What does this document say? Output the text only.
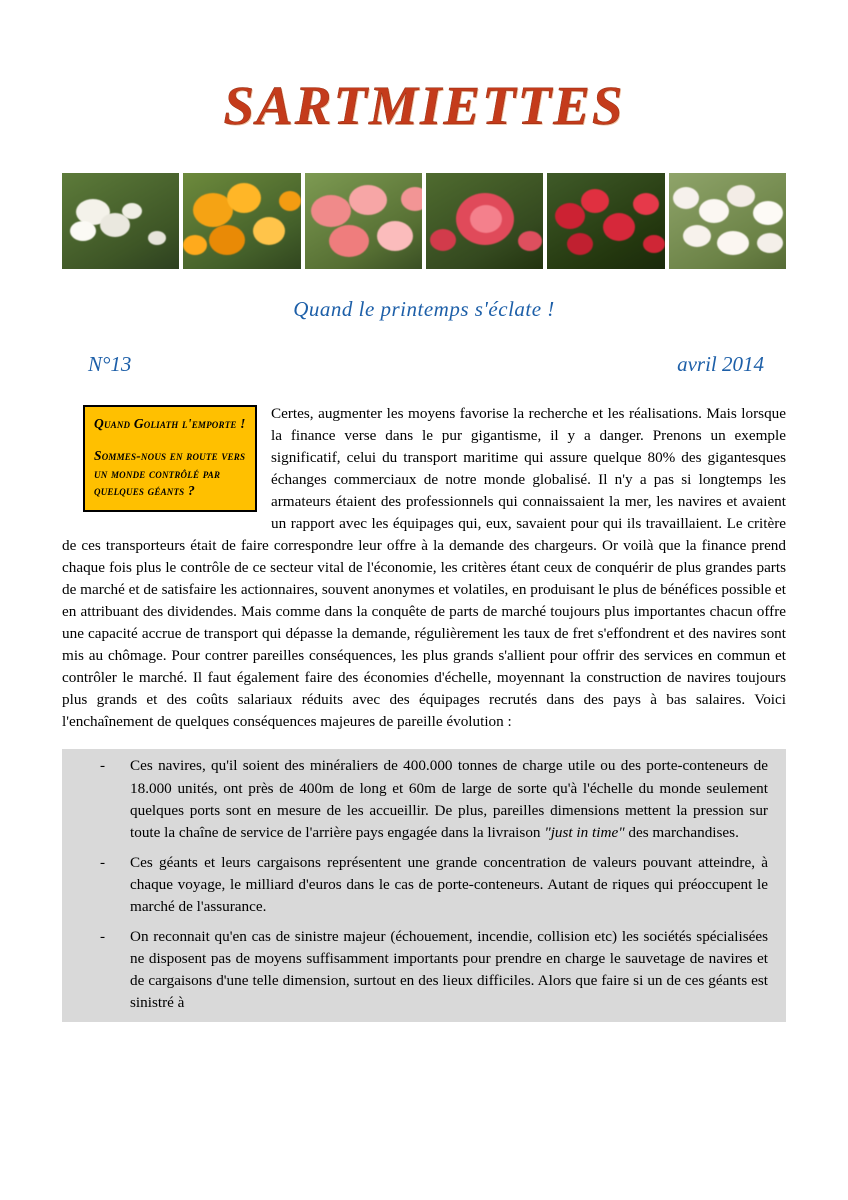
SARTMIETTES
Quand le printemps s'éclate !
N°13	avril 2014

Quand Goliath l'emporte !

Sommes-nous en route vers un monde contrôlé par quelques géants ?

Certes, augmenter les moyens favorise la recherche et les réalisations. Mais lorsque la finance verse dans le pur gigantisme, il y a danger. Prenons un exemple significatif, celui du transport maritime qui assure quelque 80% des gigantesques échanges commerciaux de notre monde globalisé. Il n'y a pas si longtemps les armateurs étaient des professionnels qui connaissaient la mer, les navires et avaient un rapport avec les équipages qui, eux, savaient pour qui ils travaillaient. Le critère de ces transporteurs était de faire correspondre leur offre à la demande des chargeurs. Or voilà que la finance prend chaque fois plus le contrôle de ce secteur vital de l'économie, les critères étant ceux de conquérir de plus grandes parts de marché et de satisfaire les actionnaires, souvent anonymes et volatiles, en produisant le plus de bénéfices possible et en attribuant des dividendes. Mais comme dans la conquête de parts de marché toujours plus importantes chacun offre une capacité accrue de transport qui dépasse la demande, régulièrement les taux de fret s'effondrent et des navires sont mis au chômage. Pour contrer pareilles conséquences, les plus grands s'allient pour offrir des services en commun et contrôler le marché. Il faut également faire des économies d'échelle, moyennant la construction de navires toujours plus grands et des coûts salariaux réduits avec des équipages recrutés dans des pays à bas salaires. Voici l'enchaînement de quelques conséquences majeures de pareille évolution :

-	Ces navires, qu'il soient des minéraliers de 400.000 tonnes de charge utile ou des porte-conteneurs de 18.000 unités, ont près de 400m de long et 60m de large de sorte qu'à l'échelle du monde seulement quelques ports sont en mesure de les accueillir. De plus, pareilles dimensions mettent la pression sur toute la chaîne de service de l'arrière pays engagée dans la livraison "just in time" des marchandises.
-	Ces géants et leurs cargaisons représentent une grande concentration de valeurs pouvant atteindre, à chaque voyage, le milliard d'euros dans le cas de porte-conteneurs. Autant de riques qui préoccupent le marché de l'assurance.
-	On reconnait qu'en cas de sinistre majeur (échouement, incendie, collision etc) les sociétés spécialisées ne disposent pas de moyens suffisamment importants pour prendre en charge le sauvetage de navires et de cargaisons d'une telle dimension, surtout en des lieux difficiles. Alors que faire si un de ces géants est sinistré à
